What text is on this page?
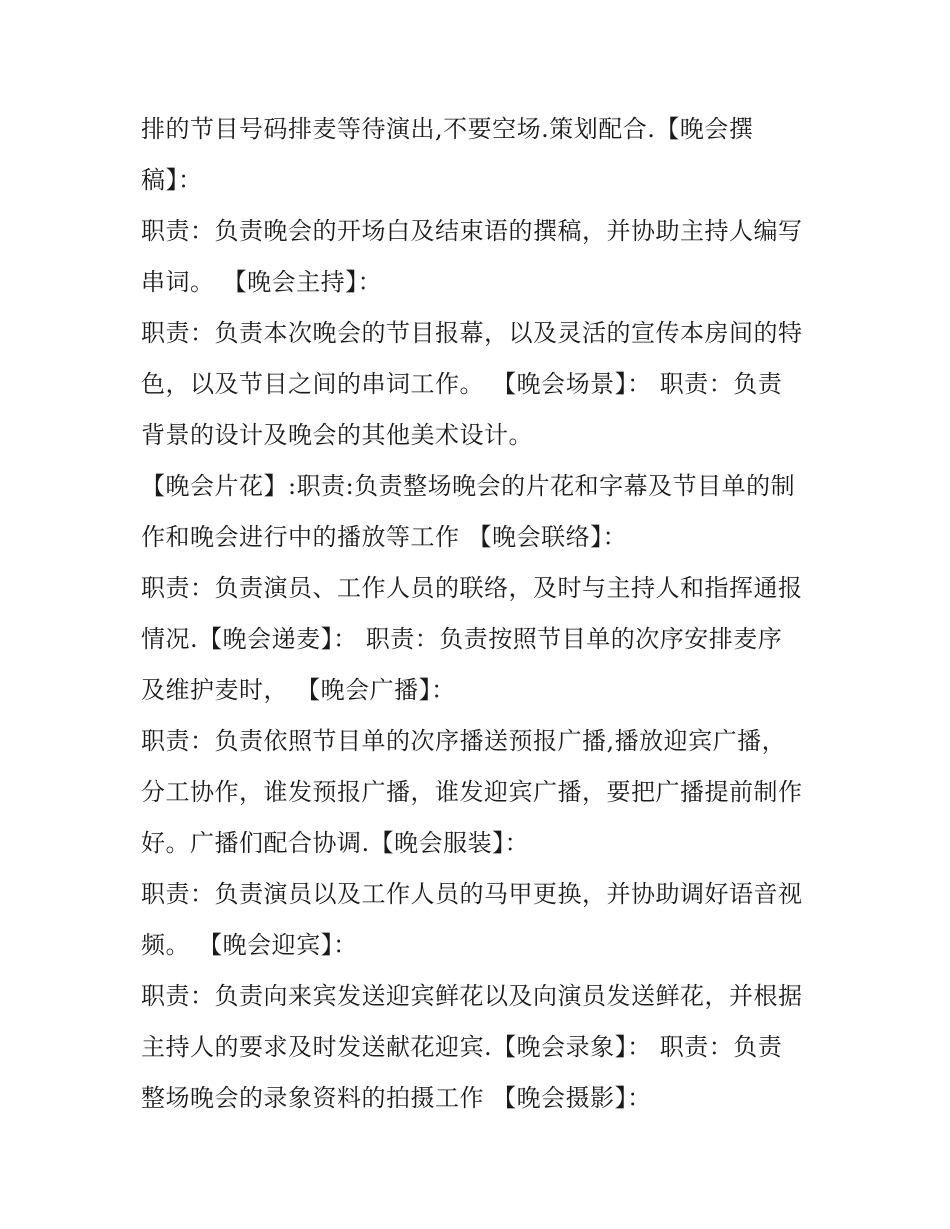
排的节目号码排麦等待演出,不要空场.策划配合.【晚会撰
稿】：
职责：负责晚会的开场白及结束语的撰稿，并协助主持人编写
串词。 【晚会主持】：
职责：负责本次晚会的节目报幕，以及灵活的宣传本房间的特
色，以及节目之间的串词工作。 【晚会场景】： 职责：负责
背景的设计及晚会的其他美术设计。
【晚会片花】:职责:负责整场晚会的片花和字幕及节目单的制
作和晚会进行中的播放等工作 【晚会联络】：
职责：负责演员、工作人员的联络，及时与主持人和指挥通报
情况.【晚会递麦】： 职责：负责按照节目单的次序安排麦序
及维护麦时， 【晚会广播】：
职责：负责依照节目单的次序播送预报广播,播放迎宾广播，
分工协作，谁发预报广播，谁发迎宾广播，要把广播提前制作
好。广播们配合协调.【晚会服装】：
职责：负责演员以及工作人员的马甲更换，并协助调好语音视
频。 【晚会迎宾】：
职责：负责向来宾发送迎宾鲜花以及向演员发送鲜花，并根据
主持人的要求及时发送献花迎宾.【晚会录象】： 职责：负责
整场晚会的录象资料的拍摄工作 【晚会摄影】：
